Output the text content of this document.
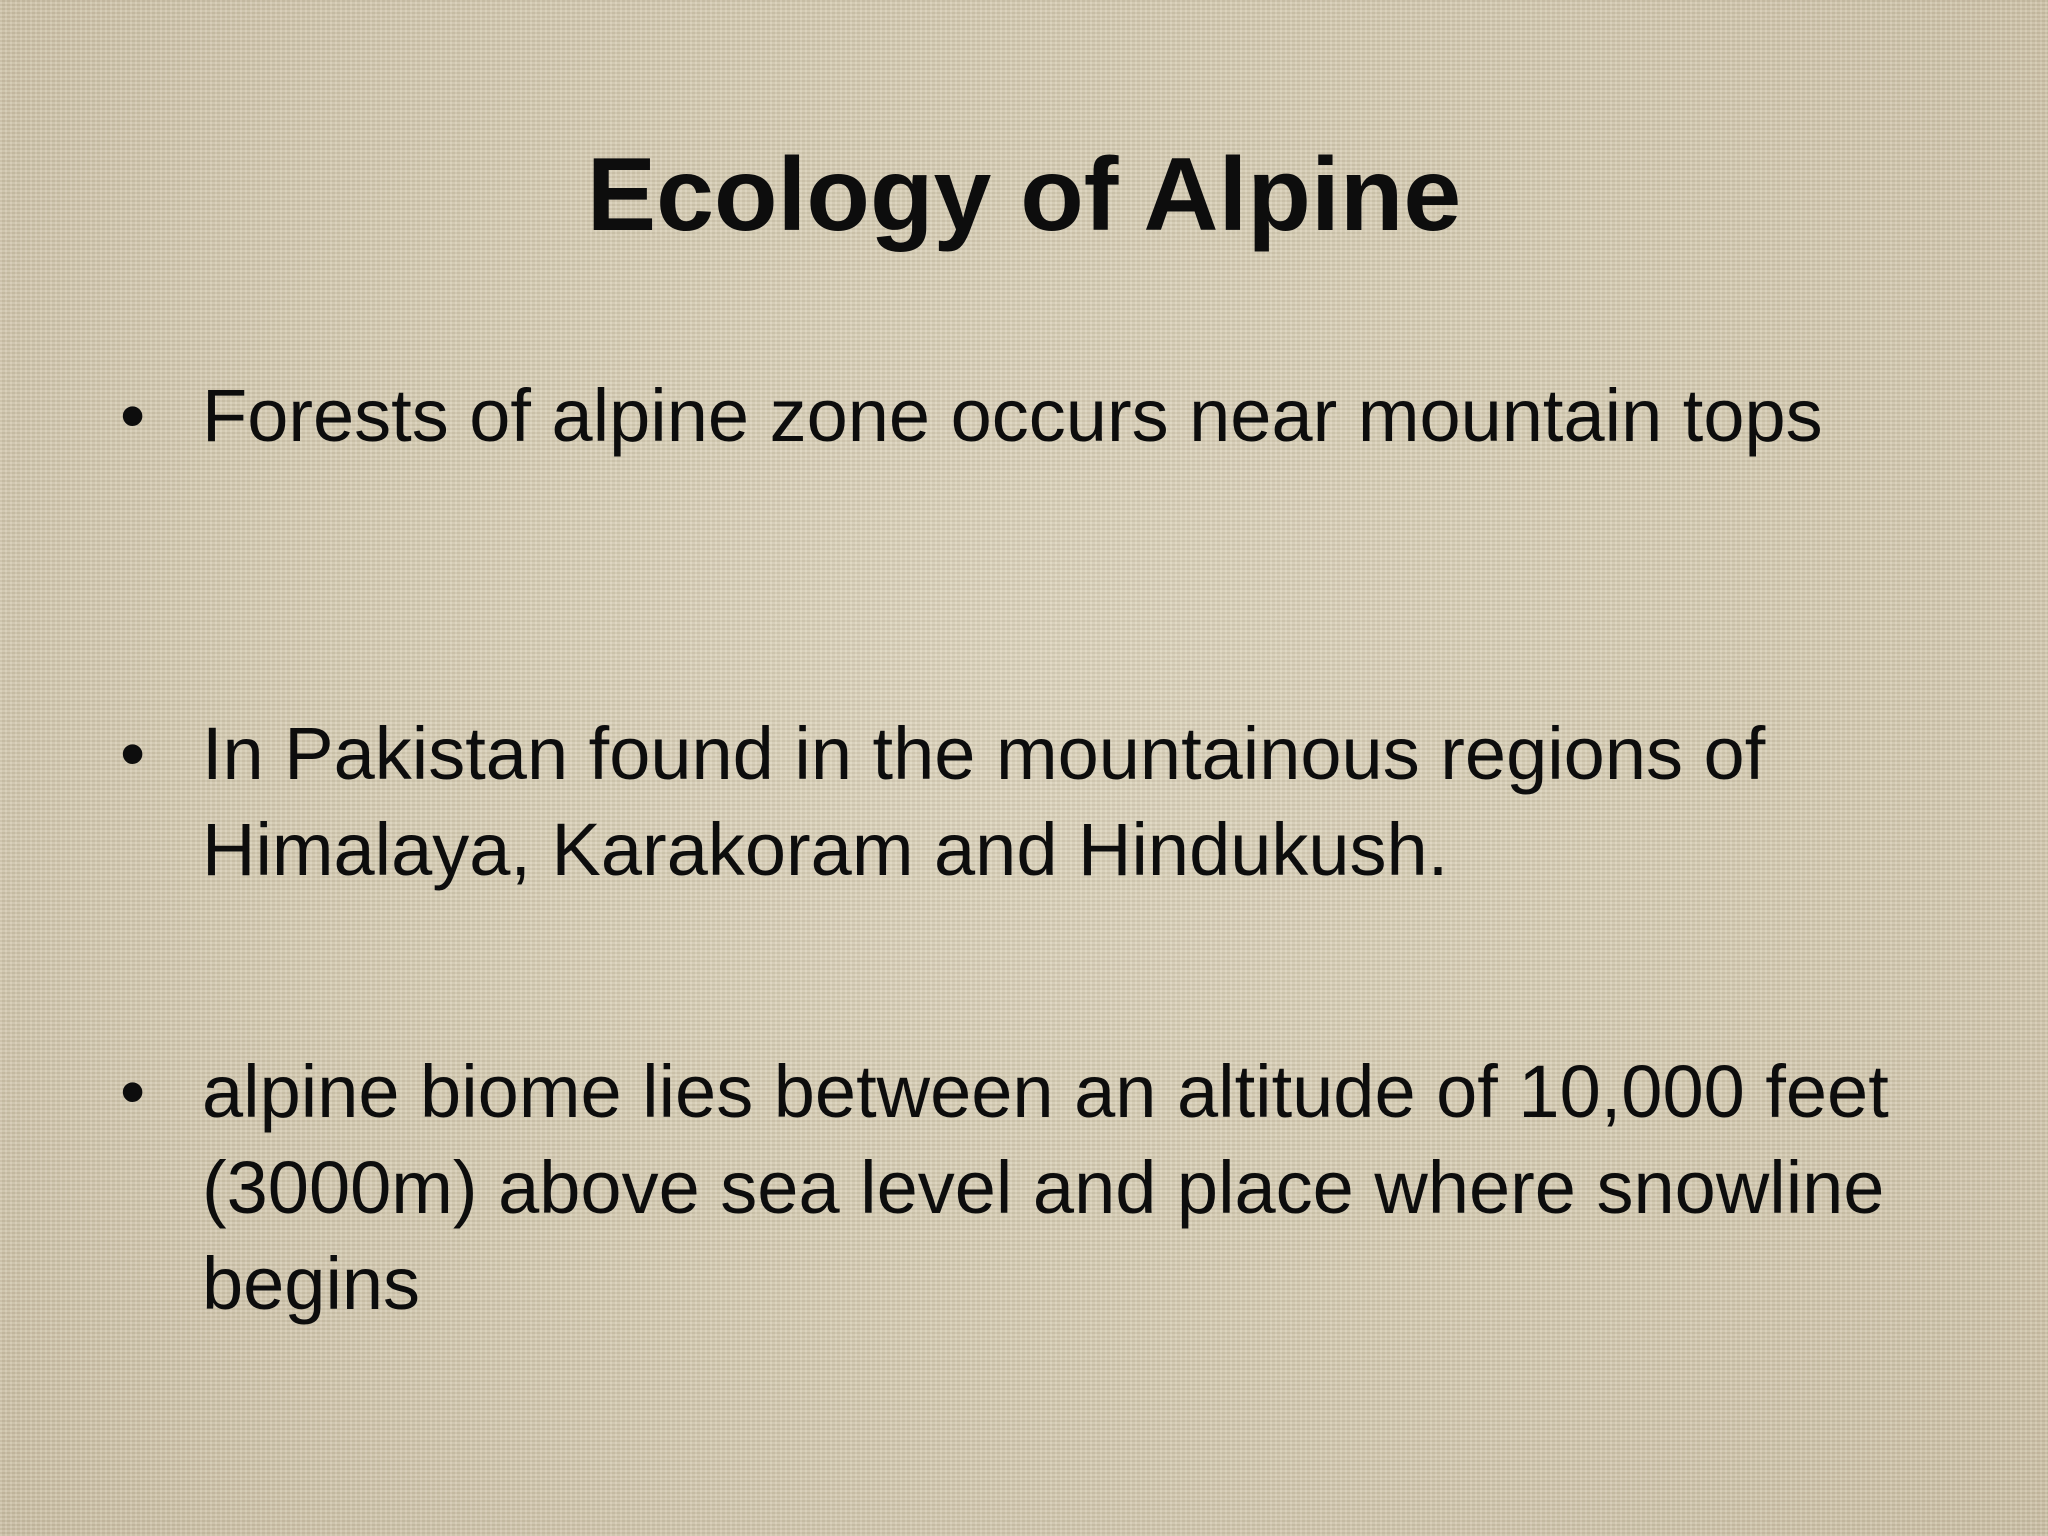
Ecology of Alpine
• Forests of alpine zone occurs near mountain tops
• In Pakistan found in the mountainous regions of Himalaya, Karakoram and Hindukush.
• alpine biome lies between an altitude of 10,000 feet (3000m) above sea level and place where snowline begins
